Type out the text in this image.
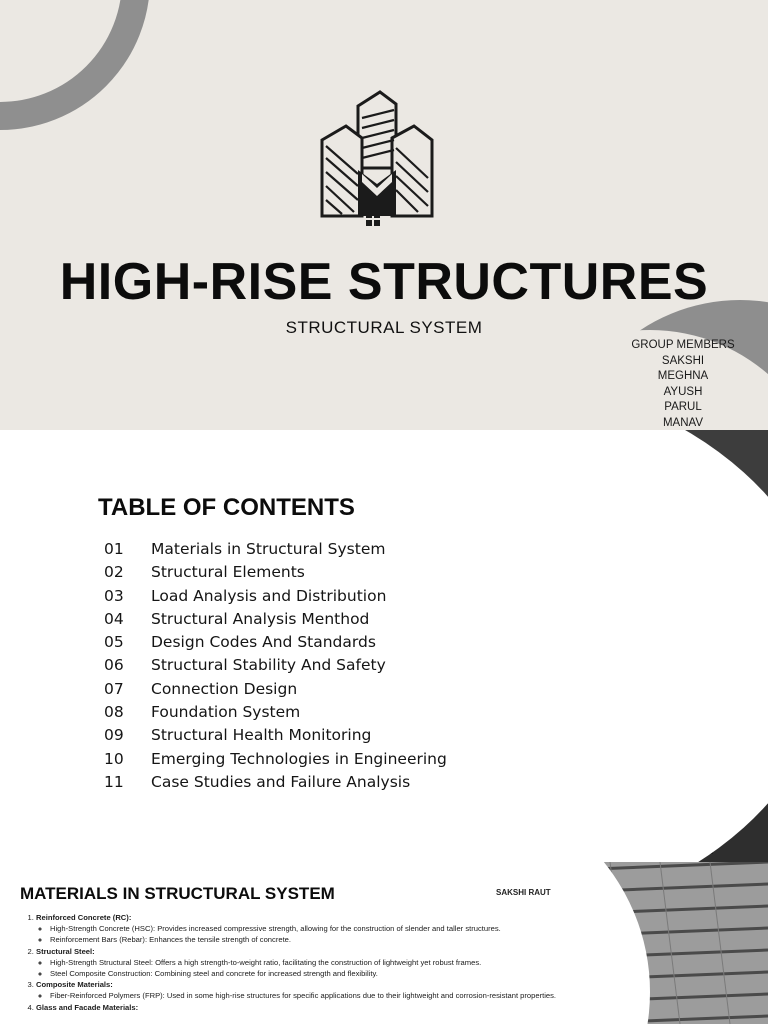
HIGH-RISE STRUCTURES
STRUCTURAL SYSTEM
GROUP MEMBERS
SAKSHI
MEGHNA
AYUSH
PARUL
MANAV
TABLE OF CONTENTS
01	Materials in Structural System
02	Structural Elements
03	Load Analysis and Distribution
04	Structural Analysis Menthod
05	Design Codes And Standards
06	Structural Stability And Safety
07	Connection Design
08	Foundation System
09	Structural Health Monitoring
10	Emerging Technologies in Engineering
11	Case Studies and Failure Analysis
MATERIALS IN STRUCTURAL SYSTEM	SAKSHI RAUT
1. Reinforced Concrete (RC):
◦ High-Strength Concrete (HSC): Provides increased compressive strength, allowing for the construction of slender and taller structures.
◦ Reinforcement Bars (Rebar): Enhances the tensile strength of concrete.
2. Structural Steel:
◦ High-Strength Structural Steel: Offers a high strength-to-weight ratio, facilitating the construction of lightweight yet robust frames.
◦ Steel Composite Construction: Combining steel and concrete for increased strength and flexibility.
3. Composite Materials:
◦ Fiber-Reinforced Polymers (FRP): Used in some high-rise structures for specific applications due to their lightweight and corrosion-resistant properties.
4. Glass and Facade Materials:
